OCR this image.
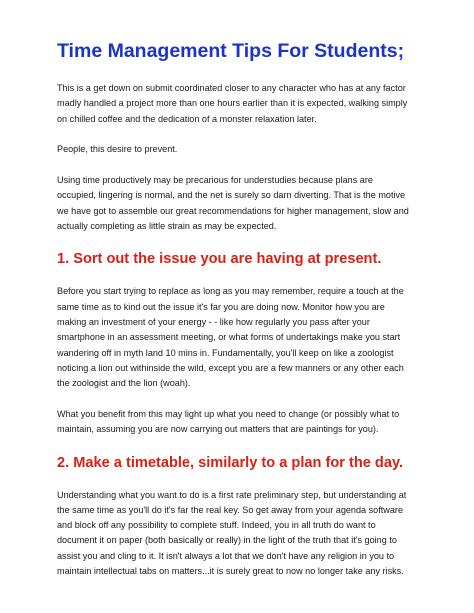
Time Management Tips For Students;

This is a get down on submit coordinated closer to any character who has at any factor
madly handled a project more than one hours earlier than it is expected, walking simply
on chilled coffee and the dedication of a monster relaxation later.

People, this desire to prevent.

Using time productively may be precarious for understudies because plans are
occupied, lingering is normal, and the net is surely so darn diverting. That is the motive
we have got to assemble our great recommendations for higher management, slow and
actually completing as little strain as may be expected.

1. Sort out the issue you are having at present.

Before you start trying to replace as long as you may remember, require a touch at the
same time as to kind out the issue it's far you are doing now. Monitor how you are
making an investment of your energy - - like how regularly you pass after your
smartphone in an assessment meeting, or what forms of undertakings make you start
wandering off in myth land 10 mins in. Fundamentally, you'll keep on like a zoologist
noticing a lion out withinside the wild, except you are a few manners or any other each
the zoologist and the lion (woah).

What you benefit from this may light up what you need to change (or possibly what to
maintain, assuming you are now carrying out matters that are paintings for you).

2. Make a timetable, similarly to a plan for the day.

Understanding what you want to do is a first rate preliminary step, but understanding at
the same time as you'll do it's far the real key. So get away from your agenda software
and block off any possibility to complete stuff. Indeed, you in all truth do want to
document it on paper (both basically or really) in the light of the truth that it's going to
assist you and cling to it. It isn't always a lot that we don't have any religion in you to
maintain intellectual tabs on matters...it is surely great to now no longer take any risks.
